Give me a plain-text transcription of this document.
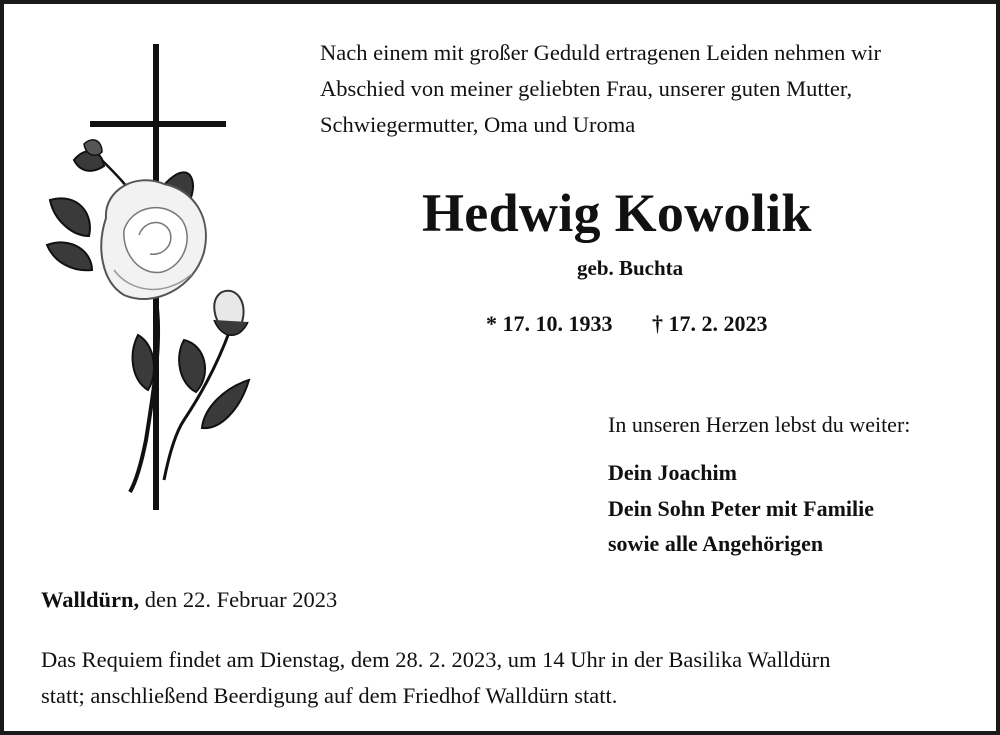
Nach einem mit großer Geduld ertragenen Leiden nehmen wir
Abschied von meiner geliebten Frau, unserer guten Mutter,
Schwiegermutter, Oma und Uroma
Hedwig Kowolik
geb. Buchta
* 17. 10. 1933 † 17. 2. 2023
In unseren Herzen lebst du weiter:
Dein Joachim
Dein Sohn Peter mit Familie
sowie alle Angehörigen
Walldürn, den 22. Februar 2023
Das Requiem findet am Dienstag, dem 28. 2. 2023, um 14 Uhr in der Basilika Walldürn
statt; anschließend Beerdigung auf dem Friedhof Walldürn statt.
